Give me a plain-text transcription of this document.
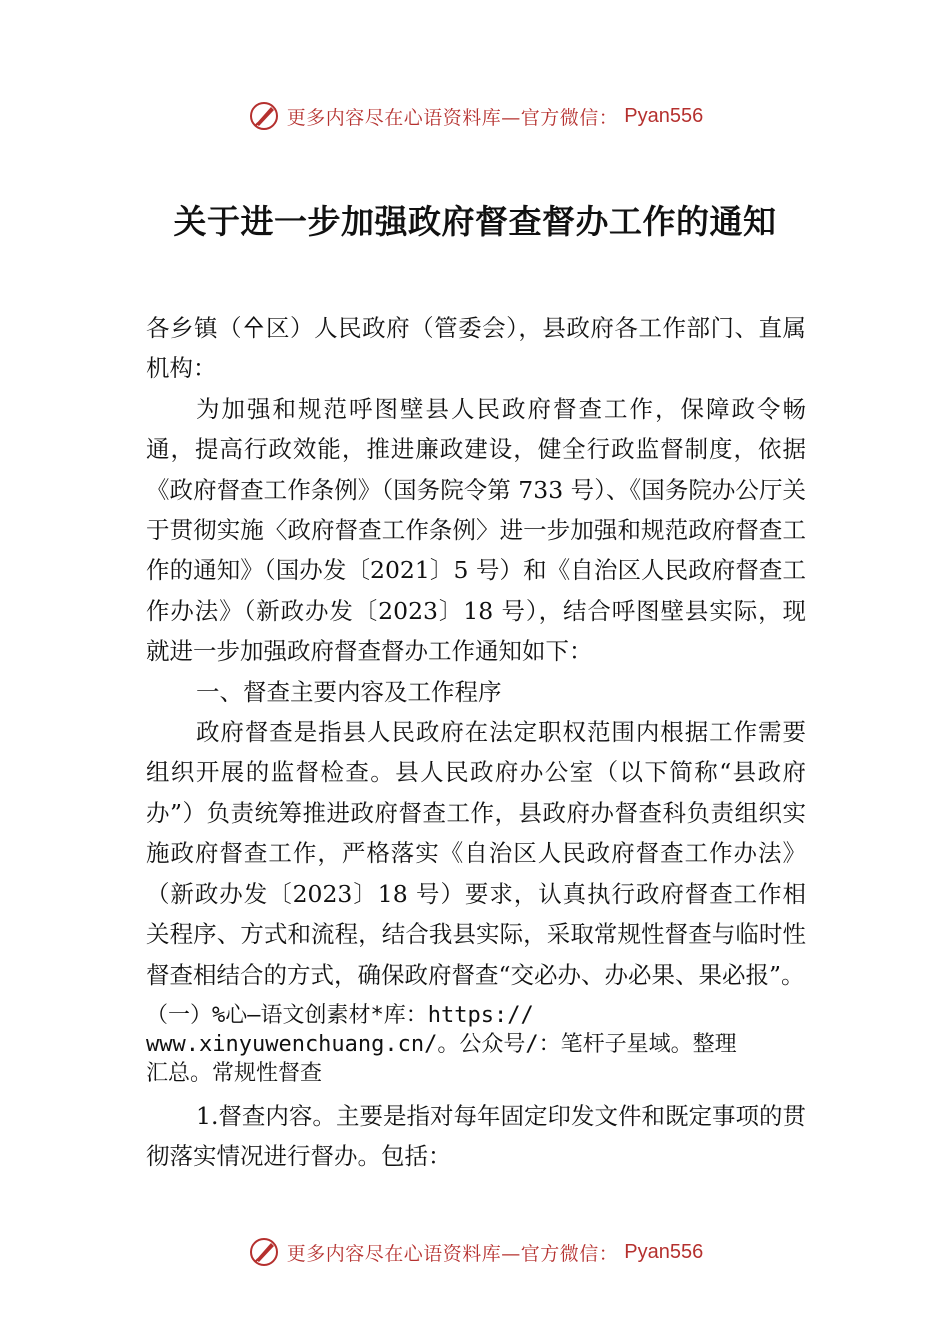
更多内容尽在心语资料库—官方微信： Pyan556
关于进一步加强政府督查督办工作的通知

各乡镇（㐃区）人民政府（管委会），县政府各工作部门、直属机构：

为加强和规范呼图壁县人民政府督查工作，保障政令畅通，提高行政效能，推进廉政建设，健全行政监督制度，依据《政府督查工作条例》（国务院令第 733 号）、《国务院办公厅关于贯彻实施〈政府督查工作条例〉进一步加强和规范政府督查工作的通知》（国办发〔2021〕5 号）和《自治区人民政府督查工作办法》（新政办发〔2023〕18 号），结合呼图壁县实际，现就进一步加强政府督查督办工作通知如下：

一、督查主要内容及工作程序

政府督查是指县人民政府在法定职权范围内根据工作需要组织开展的监督检查。县人民政府办公室（以下简称“县政府办”）负责统筹推进政府督查工作，县政府办督查科负责组织实施政府督查工作，严格落实《自治区人民政府督查工作办法》（新政办发〔2023〕18 号）要求，认真执行政府督查工作相关程序、方式和流程，结合我县实际，采取常规性督查与临时性督查相结合的方式，确保政府督查“交必办、办必果、果必报”。

（一）%心—语文创素材*库：https://
www.xinyuwenchuang.cn/。公众号/：笔杆子星域。整理
汇总。常规性督查

1.督查内容。主要是指对每年固定印发文件和既定事项的贯彻落实情况进行督办。包括：

更多内容尽在心语资料库—官方微信： Pyan556
